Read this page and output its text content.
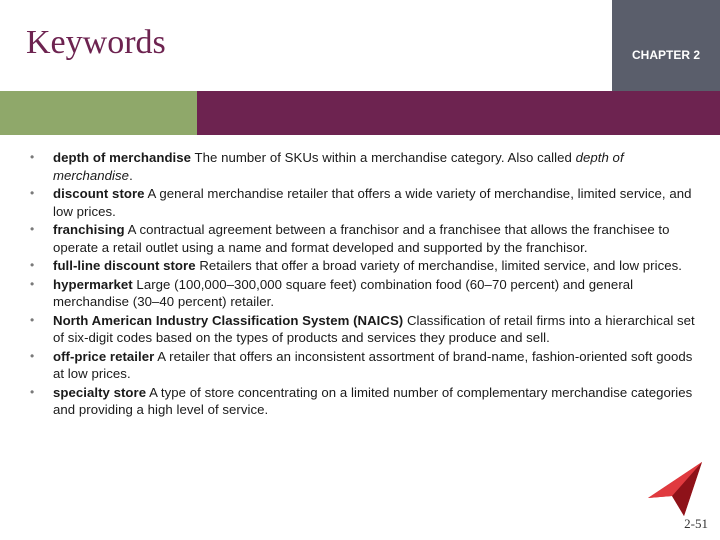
Keywords	CHAPTER 2
• depth of merchandise The number of SKUs within a merchandise category. Also called depth of merchandise.
• discount store A general merchandise retailer that offers a wide variety of merchandise, limited service, and low prices.
• franchising A contractual agreement between a franchisor and a franchisee that allows the franchisee to operate a retail outlet using a name and format developed and supported by the franchisor.
• full-line discount store Retailers that offer a broad variety of merchandise, limited service, and low prices.
• hypermarket Large (100,000–300,000 square feet) combination food (60–70 percent) and general merchandise (30–40 percent) retailer.
• North American Industry Classification System (NAICS) Classification of retail firms into a hierarchical set of six-digit codes based on the types of products and services they produce and sell.
• off-price retailer A retailer that offers an inconsistent assortment of brand-name, fashion-oriented soft goods at low prices.
• specialty store A type of store concentrating on a limited number of complementary merchandise categories and providing a high level of service.
2-51
